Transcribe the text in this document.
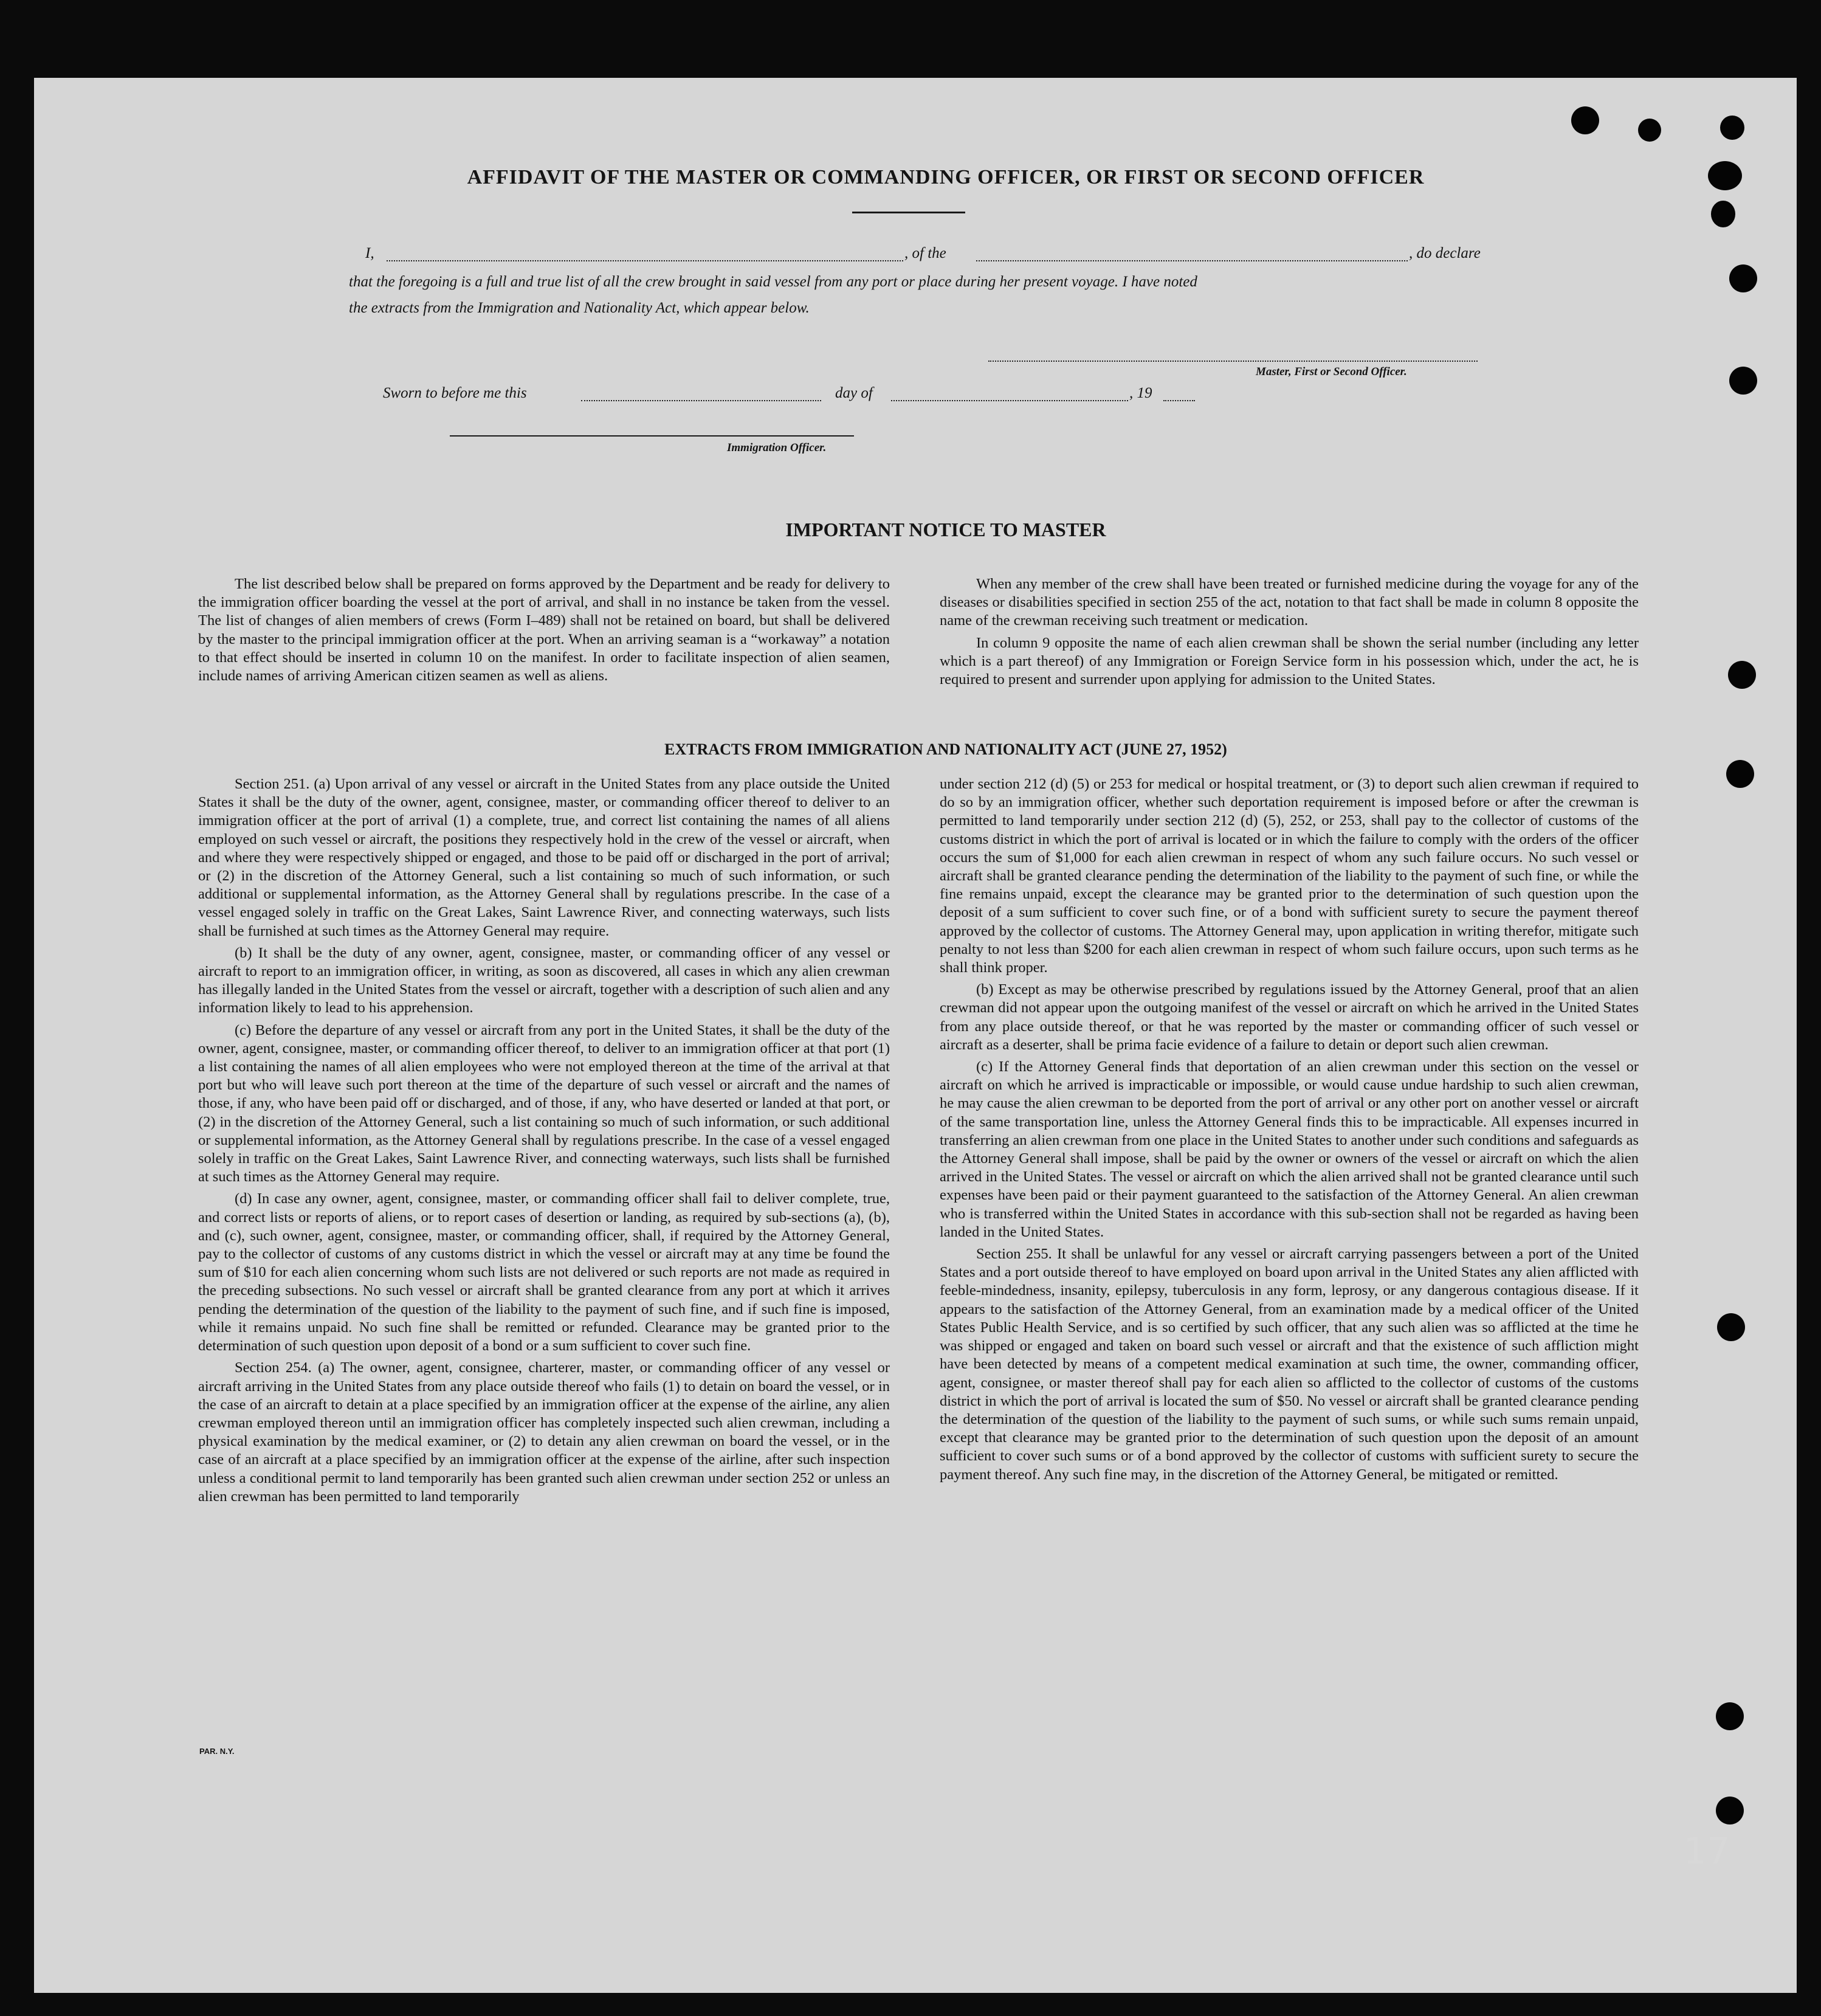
AFFIDAVIT OF THE MASTER OR COMMANDING OFFICER, OR FIRST OR SECOND OFFICER
I,	, of the	, do declare
that the foregoing is a full and true list of all the crew brought in said vessel from any port or place during her present voyage. I have noted
the extracts from the Immigration and Nationality Act, which appear below.
Master, First or Second Officer.
Sworn to before me this	day of	, 19
Immigration Officer.
IMPORTANT NOTICE TO MASTER

The list described below shall be prepared on forms approved by the Department and be ready for delivery to the immigration officer boarding the vessel at the port of arrival, and shall in no instance be taken from the vessel. The list of changes of alien members of crews (Form I–489) shall not be retained on board, but shall be delivered by the master to the principal immigration officer at the port. When an arriving seaman is a “workaway” a notation to that effect should be inserted in column 10 on the manifest. In order to facilitate inspection of alien seamen, include names of arriving American citizen seamen as well as aliens.

When any member of the crew shall have been treated or furnished medicine during the voyage for any of the diseases or disabilities specified in section 255 of the act, notation to that fact shall be made in column 8 opposite the name of the crewman receiving such treatment or medication.

In column 9 opposite the name of each alien crewman shall be shown the serial number (including any letter which is a part thereof) of any Immigration or Foreign Service form in his possession which, under the act, he is required to present and surrender upon applying for admission to the United States.

EXTRACTS FROM IMMIGRATION AND NATIONALITY ACT (JUNE 27, 1952)

Section 251. (a) Upon arrival of any vessel or aircraft in the United States from any place outside the United States it shall be the duty of the owner, agent, consignee, master, or commanding officer thereof to deliver to an immigration officer at the port of arrival (1) a complete, true, and correct list containing the names of all aliens employed on such vessel or aircraft, the positions they respectively hold in the crew of the vessel or aircraft, when and where they were respectively shipped or engaged, and those to be paid off or discharged in the port of arrival; or (2) in the discretion of the Attorney General, such a list containing so much of such information, or such additional or supplemental information, as the Attorney General shall by regulations prescribe. In the case of a vessel engaged solely in traffic on the Great Lakes, Saint Lawrence River, and connecting waterways, such lists shall be furnished at such times as the Attorney General may require.

(b) It shall be the duty of any owner, agent, consignee, master, or commanding officer of any vessel or aircraft to report to an immigration officer, in writing, as soon as discovered, all cases in which any alien crewman has illegally landed in the United States from the vessel or aircraft, together with a description of such alien and any information likely to lead to his apprehension.

(c) Before the departure of any vessel or aircraft from any port in the United States, it shall be the duty of the owner, agent, consignee, master, or commanding officer thereof, to deliver to an immigration officer at that port (1) a list containing the names of all alien employees who were not employed thereon at the time of the arrival at that port but who will leave such port thereon at the time of the departure of such vessel or aircraft and the names of those, if any, who have been paid off or discharged, and of those, if any, who have deserted or landed at that port, or (2) in the discretion of the Attorney General, such a list containing so much of such information, or such additional or supplemental information, as the Attorney General shall by regulations prescribe. In the case of a vessel engaged solely in traffic on the Great Lakes, Saint Lawrence River, and connecting waterways, such lists shall be furnished at such times as the Attorney General may require.

(d) In case any owner, agent, consignee, master, or commanding officer shall fail to deliver complete, true, and correct lists or reports of aliens, or to report cases of desertion or landing, as required by sub-sections (a), (b), and (c), such owner, agent, consignee, master, or commanding officer, shall, if required by the Attorney General, pay to the collector of customs of any customs district in which the vessel or aircraft may at any time be found the sum of $10 for each alien concerning whom such lists are not delivered or such reports are not made as required in the preceding subsections. No such vessel or aircraft shall be granted clearance from any port at which it arrives pending the determination of the question of the liability to the payment of such fine, and if such fine is imposed, while it remains unpaid. No such fine shall be remitted or refunded. Clearance may be granted prior to the determination of such question upon deposit of a bond or a sum sufficient to cover such fine.

Section 254. (a) The owner, agent, consignee, charterer, master, or commanding officer of any vessel or aircraft arriving in the United States from any place outside thereof who fails (1) to detain on board the vessel, or in the case of an aircraft to detain at a place specified by an immigration officer at the expense of the airline, any alien crewman employed thereon until an immigration officer has completely inspected such alien crewman, including a physical examination by the medical examiner, or (2) to detain any alien crewman on board the vessel, or in the case of an aircraft at a place specified by an immigration officer at the expense of the airline, after such inspection unless a conditional permit to land temporarily has been granted such alien crewman under section 252 or unless an alien crewman has been permitted to land temporarily

under section 212 (d) (5) or 253 for medical or hospital treatment, or (3) to deport such alien crewman if required to do so by an immigration officer, whether such deportation requirement is imposed before or after the crewman is permitted to land temporarily under section 212 (d) (5), 252, or 253, shall pay to the collector of customs of the customs district in which the port of arrival is located or in which the failure to comply with the orders of the officer occurs the sum of $1,000 for each alien crewman in respect of whom any such failure occurs. No such vessel or aircraft shall be granted clearance pending the determination of the liability to the payment of such fine, or while the fine remains unpaid, except the clearance may be granted prior to the determination of such question upon the deposit of a sum sufficient to cover such fine, or of a bond with sufficient surety to secure the payment thereof approved by the collector of customs. The Attorney General may, upon application in writing therefor, mitigate such penalty to not less than $200 for each alien crewman in respect of whom such failure occurs, upon such terms as he shall think proper.

(b) Except as may be otherwise prescribed by regulations issued by the Attorney General, proof that an alien crewman did not appear upon the outgoing manifest of the vessel or aircraft on which he arrived in the United States from any place outside thereof, or that he was reported by the master or commanding officer of such vessel or aircraft as a deserter, shall be prima facie evidence of a failure to detain or deport such alien crewman.

(c) If the Attorney General finds that deportation of an alien crewman under this section on the vessel or aircraft on which he arrived is impracticable or impossible, or would cause undue hardship to such alien crewman, he may cause the alien crewman to be deported from the port of arrival or any other port on another vessel or aircraft of the same transportation line, unless the Attorney General finds this to be impracticable. All expenses incurred in transferring an alien crewman from one place in the United States to another under such conditions and safeguards as the Attorney General shall impose, shall be paid by the owner or owners of the vessel or aircraft on which the alien arrived in the United States. The vessel or aircraft on which the alien arrived shall not be granted clearance until such expenses have been paid or their payment guaranteed to the satisfaction of the Attorney General. An alien crewman who is transferred within the United States in accordance with this sub-section shall not be regarded as having been landed in the United States.

Section 255. It shall be unlawful for any vessel or aircraft carrying passengers between a port of the United States and a port outside thereof to have employed on board upon arrival in the United States any alien afflicted with feeble-mindedness, insanity, epilepsy, tuberculosis in any form, leprosy, or any dangerous contagious disease. If it appears to the satisfaction of the Attorney General, from an examination made by a medical officer of the United States Public Health Service, and is so certified by such officer, that any such alien was so afflicted at the time he was shipped or engaged and taken on board such vessel or aircraft and that the existence of such affliction might have been detected by means of a competent medical examination at such time, the owner, commanding officer, agent, consignee, or master thereof shall pay for each alien so afflicted to the collector of customs of the customs district in which the port of arrival is located the sum of $50. No vessel or aircraft shall be granted clearance pending the determination of the question of the liability to the payment of such sums, or while such sums remain unpaid, except that clearance may be granted prior to the determination of such question upon the deposit of an amount sufficient to cover such sums or of a bond approved by the collector of customs with sufficient surety to secure the payment thereof. Any such fine may, in the discretion of the Attorney General, be mitigated or remitted.

PAR. N.Y.
17
